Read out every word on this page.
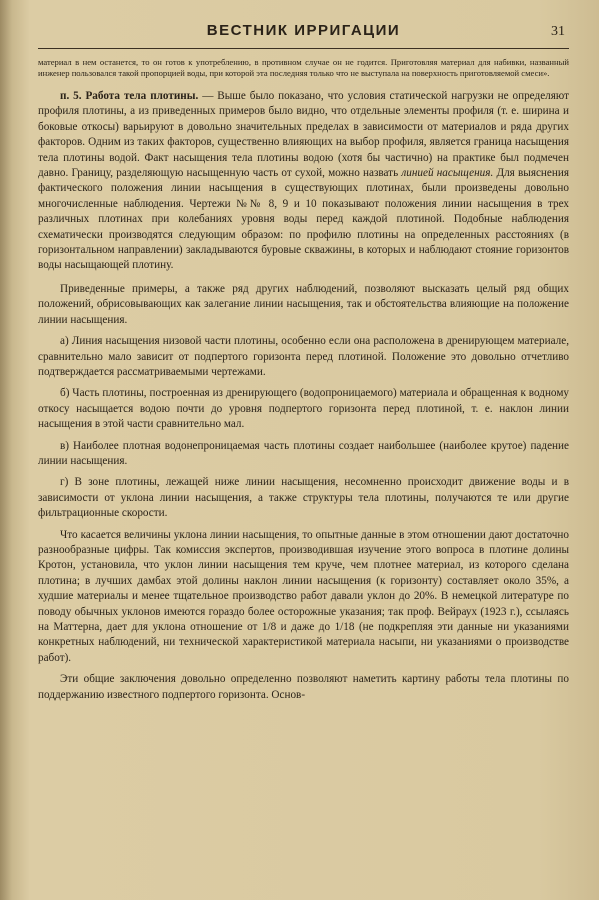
ВЕСТНИК ИРРИГАЦИИ	31
материал в нем останется, то он готов к употреблению, в противном случае он не годится. Приготовляя материал для набивки, названный инженер пользовался такой пропорцией воды, при которой эта последняя только что не выступала на поверхность приготовляемой смеси».

п. 5. Работа тела плотины. — Выше было показано, что условия статической нагрузки не определяют профиля плотины, а из приведенных примеров было видно, что отдельные элементы профиля (т. е. ширина и боковые откосы) варьируют в довольно значительных пределах в зависимости от материалов и ряда других факторов. Одним из таких факторов, существенно влияющих на выбор профиля, является граница насыщения тела плотины водой. Факт насыщения тела плотины водою (хотя бы частично) на практике был подмечен давно. Границу, разделяющую насыщенную часть от сухой, можно назвать линией насыщения. Для выяснения фактического положения линии насыщения в существующих плотинах, были произведены довольно многочисленные наблюдения. Чертежи №№ 8, 9 и 10 показывают положения линии насыщения в трех различных плотинах при колебаниях уровня воды перед каждой плотиной. Подобные наблюдения схематически производятся следующим образом: по профилю плотины на определенных расстояниях (в горизонтальном направлении) закладываются буровые скважины, в которых и наблюдают стояние горизонтов воды насыщающей плотину.

Приведенные примеры, а также ряд других наблюдений, позволяют высказать целый ряд общих положений, обрисовывающих как залегание линии насыщения, так и обстоятельства влияющие на положение линии насыщения.

а) Линия насыщения низовой части плотины, особенно если она расположена в дренирующем материале, сравнительно мало зависит от подпертого горизонта перед плотиной. Положение это довольно отчетливо подтверждается рассматриваемыми чертежами.

б) Часть плотины, построенная из дренирующего (водопроницаемого) материала и обращенная к водному откосу насыщается водою почти до уровня подпертого горизонта перед плотиной, т. е. наклон линии насыщения в этой части сравнительно мал.

в) Наиболее плотная водонепроницаемая часть плотины создает наибольшее (наиболее крутое) падение линии насыщения.

г) В зоне плотины, лежащей ниже линии насыщения, несомненно происходит движение воды и в зависимости от уклона линии насыщения, а также структуры тела плотины, получаются те или другие фильтрационные скорости.

Что касается величины уклона линии насыщения, то опытные данные в этом отношении дают достаточно разнообразные цифры. Так комиссия экспертов, производившая изучение этого вопроса в плотине долины Кротон, установила, что уклон линии насыщения тем круче, чем плотнее материал, из которого сделана плотина; в лучших дамбах этой долины наклон линии насыщения (к горизонту) составляет около 35%, а худшие материалы и менее тщательное производство работ давали уклон до 20%. В немецкой литературе по поводу обычных уклонов имеются гораздо более осторожные указания; так проф. Вейраух (1923 г.), ссылаясь на Маттерна, дает для уклона отношение от 1/8 и даже до 1/18 (не подкрепляя эти данные ни указаниями конкретных наблюдений, ни технической характеристикой материала насыпи, ни указаниями о производстве работ).

Эти общие заключения довольно определенно позволяют наметить картину работы тела плотины по поддержанию известного подпертого горизонта. Основ-
